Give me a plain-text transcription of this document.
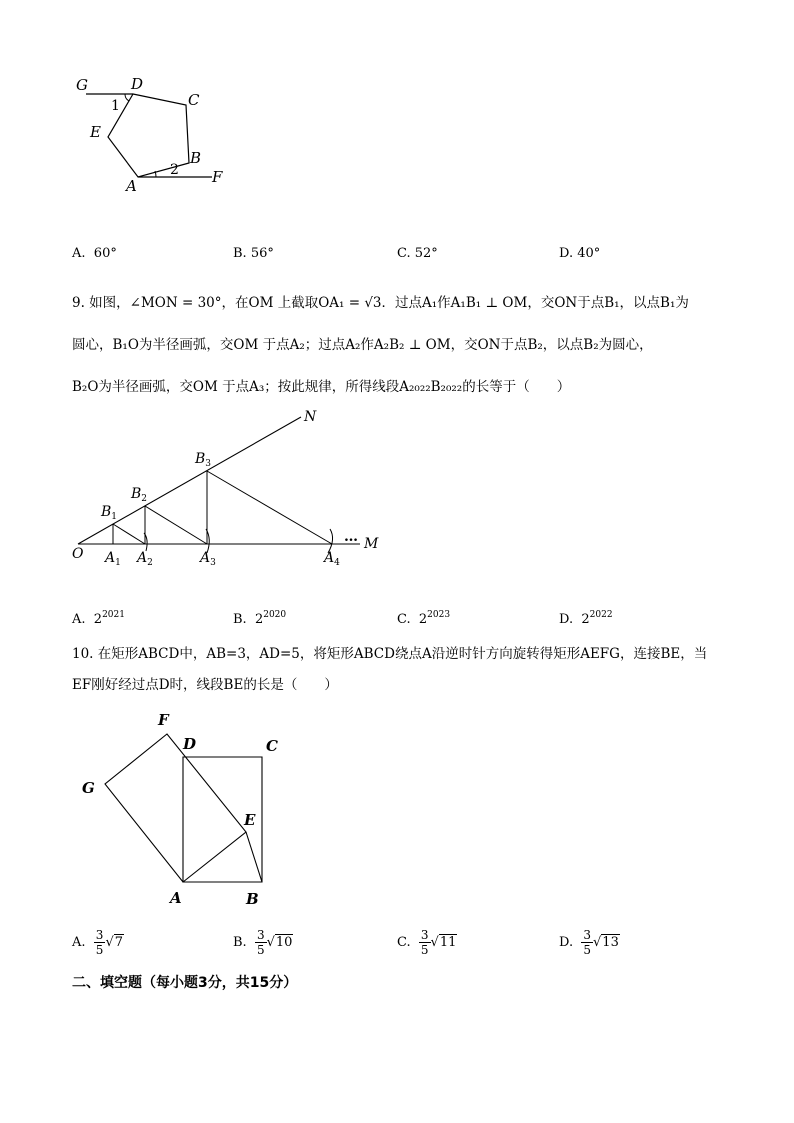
G	D
C
E
B
A	F
1
2
A. 60°	B. 56°	C. 52°	D. 40°
9. 如图，∠MON = 30°，在OM 上截取OA₁ = √3．过点A₁作A₁B₁ ⊥ OM，交ON于点B₁，以点B₁为
圆心，B₁O为半径画弧，交OM 于点A₂；过点A₂作A₂B₂ ⊥ OM，交ON于点B₂，以点B₂为圆心，
B₂O为半径画弧，交OM 于点A₃；按此规律，所得线段A₂₀₂₂B₂₀₂₂的长等于（　　）
N
M
…
O
$B_1$
$B_2$
$B_3$
$A_1$ $A_2$	$A_3$	$A_4$
A. $2^{2021}$	B. $2^{2020}$	C. $2^{2023}$	D. $2^{2022}$
10. 在矩形ABCD中，AB=3，AD=5，将矩形ABCD绕点A沿逆时针方向旋转得矩形AEFG，连接BE，当
EF刚好经过点D时，线段BE的长是（　　）
F
D	C
G
E
A	B
A. $\frac{3}{5} √7$	B. $\frac{3}{5} √10$	C. $\frac{3}{5} √11$	D. $\frac{3}{5} √13$
二、填空题（每小题3分，共15分）
